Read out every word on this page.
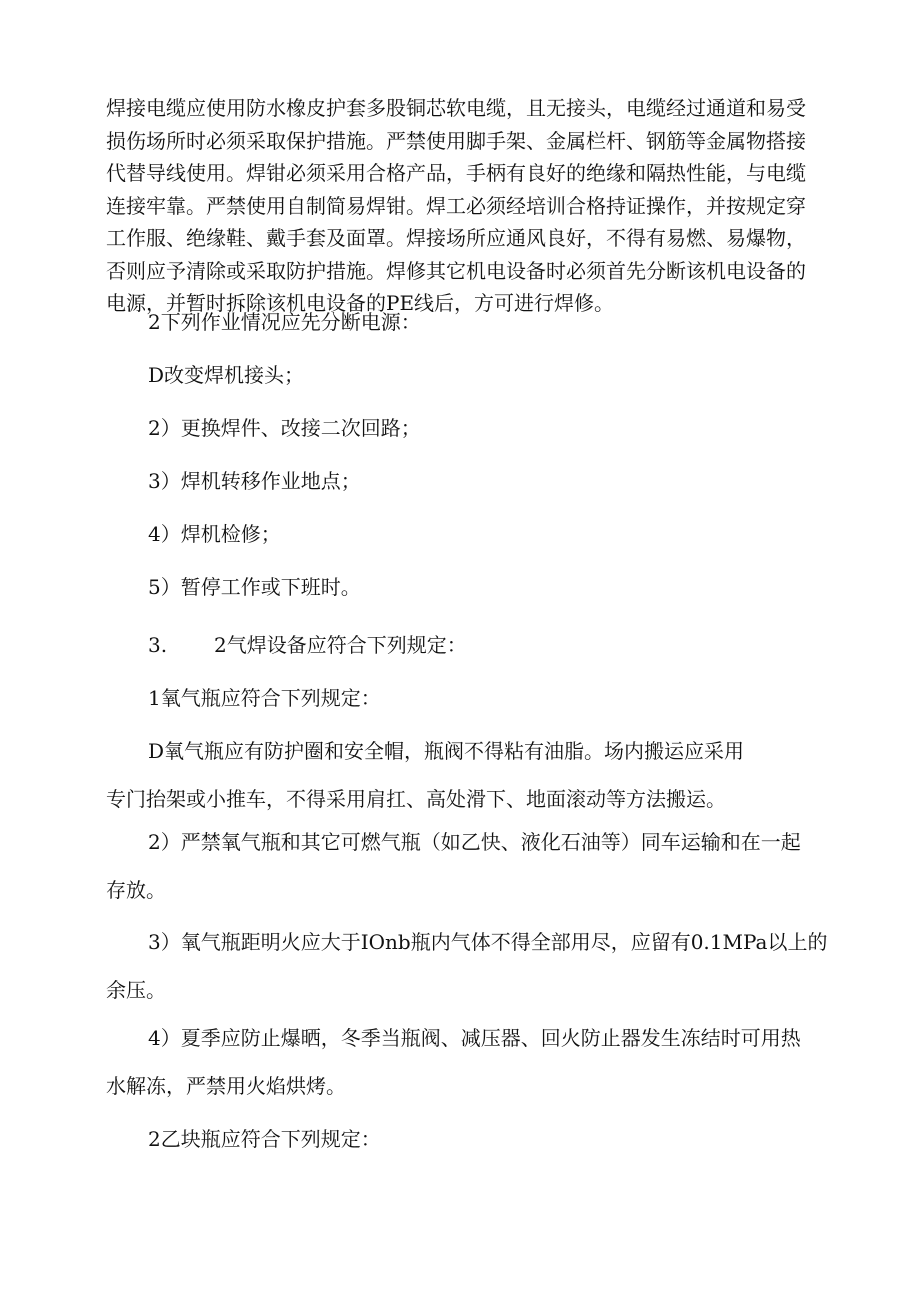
焊接电缆应使用防水橡皮护套多股铜芯软电缆，且无接头，电缆经过通道和易受损伤场所时必须采取保护措施。严禁使用脚手架、金属栏杆、钢筋等金属物搭接代替导线使用。焊钳必须采用合格产品，手柄有良好的绝缘和隔热性能，与电缆连接牢靠。严禁使用自制简易焊钳。焊工必须经培训合格持证操作，并按规定穿工作服、绝缘鞋、戴手套及面罩。焊接场所应通风良好，不得有易燃、易爆物，否则应予清除或采取防护措施。焊修其它机电设备时必须首先分断该机电设备的电源，并暂时拆除该机电设备的PE线后，方可进行焊修。

2下列作业情况应先分断电源：

D改变焊机接头；

2）更换焊件、改接二次回路；

3）焊机转移作业地点；

4）焊机检修；

5）暂停工作或下班时。

3. 2气焊设备应符合下列规定：

1氧气瓶应符合下列规定：

D氧气瓶应有防护圈和安全帽，瓶阀不得粘有油脂。场内搬运应采用

专门抬架或小推车，不得采用肩扛、高处滑下、地面滚动等方法搬运。

2）严禁氧气瓶和其它可燃气瓶（如乙快、液化石油等）同车运输和在一起

存放。

3）氧气瓶距明火应大于IOnb瓶内气体不得全部用尽，应留有0.1MPa以上的

余压。

4）夏季应防止爆晒，冬季当瓶阀、减压器、回火防止器发生冻结时可用热

水解冻，严禁用火焰烘烤。

2乙块瓶应符合下列规定：
